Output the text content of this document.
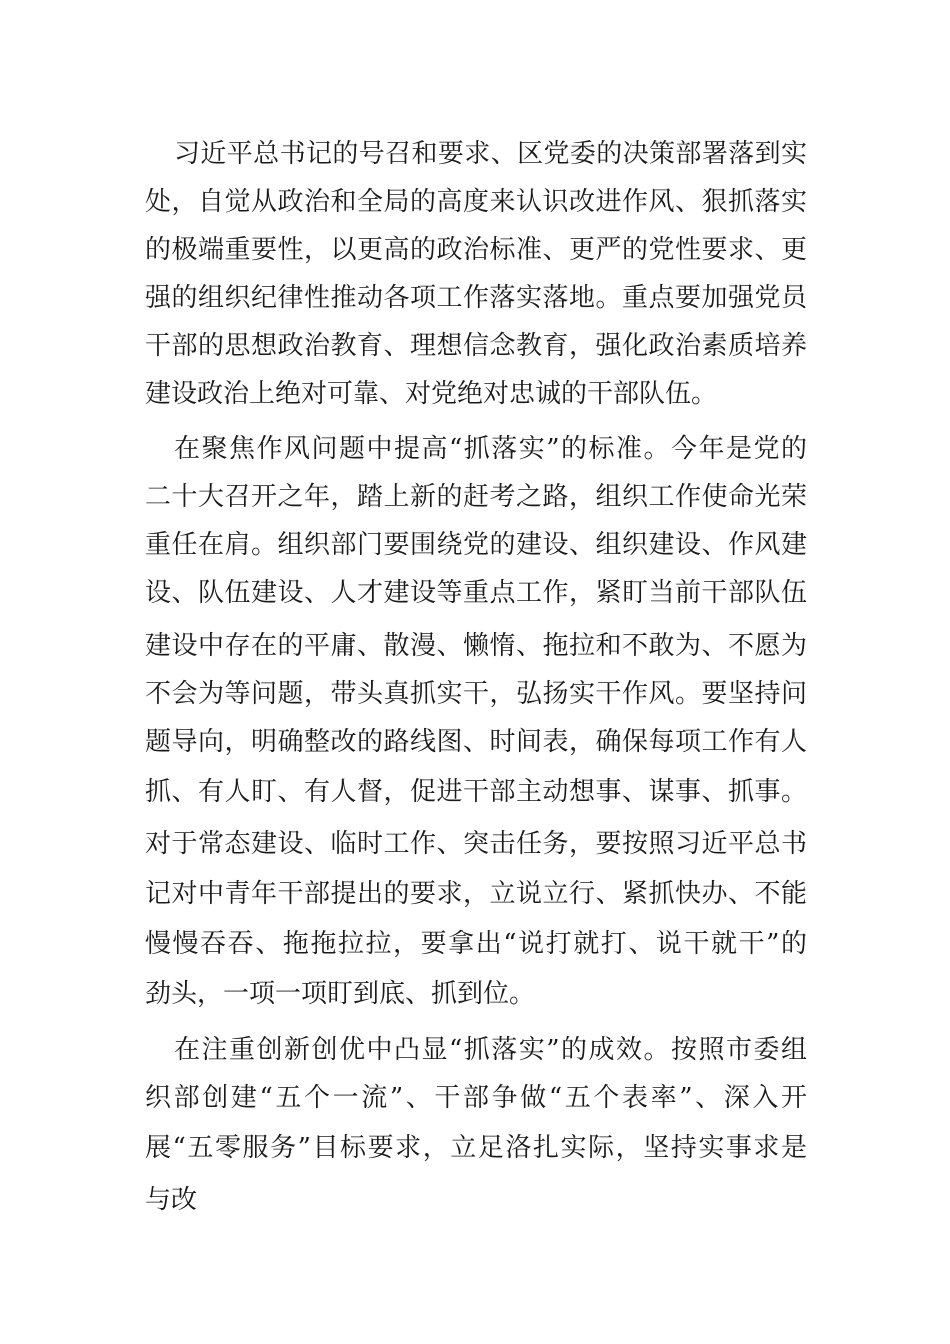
习近平总书记的号召和要求、区党委的决策部署落到实
处，自觉从政治和全局的高度来认识改进作风、狠抓落实
的极端重要性，以更高的政治标准、更严的党性要求、更
强的组织纪律性推动各项工作落实落地。重点要加强党员
干部的思想政治教育、理想信念教育，强化政治素质培养
建设政治上绝对可靠、对党绝对忠诚的干部队伍。
在聚焦作风问题中提高“抓落实”的标准。今年是党的
二十大召开之年，踏上新的赶考之路，组织工作使命光荣
重任在肩。组织部门要围绕党的建设、组织建设、作风建
设、队伍建设、人才建设等重点工作，紧盯当前干部队伍
建设中存在的平庸、散漫、懒惰、拖拉和不敢为、不愿为
不会为等问题，带头真抓实干，弘扬实干作风。要坚持问
题导向，明确整改的路线图、时间表，确保每项工作有人
抓、有人盯、有人督，促进干部主动想事、谋事、抓事。
对于常态建设、临时工作、突击任务，要按照习近平总书
记对中青年干部提出的要求，立说立行、紧抓快办、不能
慢慢吞吞、拖拖拉拉，要拿出“说打就打、说干就干”的
劲头，一项一项盯到底、抓到位。
在注重创新创优中凸显“抓落实”的成效。按照市委组
织部创建“五个一流”、干部争做“五个表率”、深入开
展“五零服务”目标要求，立足洛扎实际，坚持实事求是
与改
